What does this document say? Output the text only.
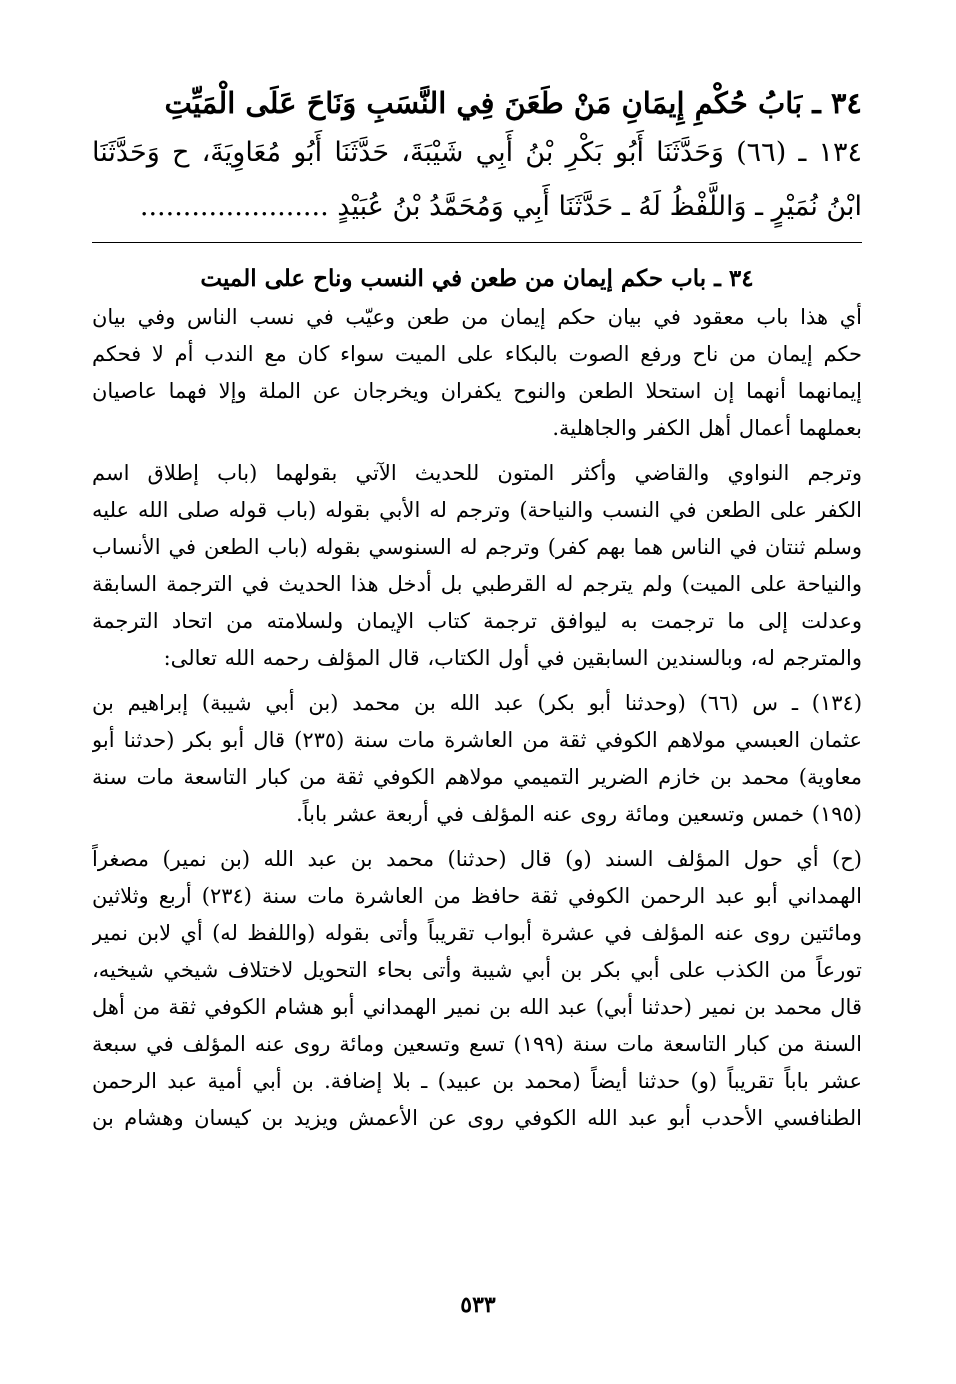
٣٤ ـ بَابُ حُكْمِ إِيمَانِ مَنْ طَعَنَ فِي النَّسَبِ وَنَاحَ عَلَى الْمَيِّتِ
١٣٤ ـ (٦٦) وَحَدَّثَنَا أَبُو بَكْرِ بْنُ أَبِي شَيْبَةَ، حَدَّثَنَا أَبُو مُعَاوِيَةَ، ح وَحَدَّثَنَا
ابْنُ نُمَيْرٍ ـ وَاللَّفْظُ لَهُ ـ حَدَّثَنَا أَبِي وَمُحَمَّدُ بْنُ عُبَيْدٍ ......................
٣٤ ـ باب حكم إيمان من طعن في النسب وناح على الميت
أي هذا باب معقود في بيان حكم إيمان من طعن وعيّب في نسب الناس وفي بيان
حكم إيمان من ناح ورفع الصوت بالبكاء على الميت سواء كان مع الندب أم لا فحكم
إيمانهما أنهما إن استحلا الطعن والنوح يكفران ويخرجان عن الملة وإلا فهما عاصيان
بعملهما أعمال أهل الكفر والجاهلية.
وترجم النواوي والقاضي وأكثر المتون للحديث الآتي بقولهما (باب إطلاق اسم
الكفر على الطعن في النسب والنياحة) وترجم له الأبي بقوله (باب قوله صلى الله عليه
وسلم ثنتان في الناس هما بهم كفر) وترجم له السنوسي بقوله (باب الطعن في الأنساب
والنياحة على الميت) ولم يترجم له القرطبي بل أدخل هذا الحديث في الترجمة السابقة
وعدلت إلى ما ترجمت به ليوافق ترجمة كتاب الإيمان ولسلامته من اتحاد الترجمة
والمترجم له، وبالسندين السابقين في أول الكتاب، قال المؤلف رحمه الله تعالى:
(١٣٤) ـ س (٦٦) (وحدثنا أبو بكر) عبد الله بن محمد (بن أبي شيبة) إبراهيم بن
عثمان العبسي مولاهم الكوفي ثقة من العاشرة مات سنة (٢٣٥) قال أبو بكر (حدثنا أبو
معاوية) محمد بن خازم الضرير التميمي مولاهم الكوفي ثقة من كبار التاسعة مات سنة
(١٩٥) خمس وتسعين ومائة روى عنه المؤلف في أربعة عشر باباً.
(ح) أي حول المؤلف السند (و) قال (حدثنا) محمد بن عبد الله (بن نمير) مصغراً
الهمداني أبو عبد الرحمن الكوفي ثقة حافظ من العاشرة مات سنة (٢٣٤) أربع وثلاثين
ومائتين روى عنه المؤلف في عشرة أبواب تقريباً وأتى بقوله (واللفظ له) أي لابن نمير
تورعاً من الكذب على أبي بكر بن أبي شيبة وأتى بحاء التحويل لاختلاف شيخي شيخيه،
قال محمد بن نمير (حدثنا أبي) عبد الله بن نمير الهمداني أبو هشام الكوفي ثقة من أهل
السنة من كبار التاسعة مات سنة (١٩٩) تسع وتسعين ومائة روى عنه المؤلف في سبعة
عشر باباً تقريباً (و) حدثنا أيضاً (محمد بن عبيد) ـ بلا إضافة. بن أبي أمية عبد الرحمن
الطنافسي الأحدب أبو عبد الله الكوفي روى عن الأعمش ويزيد بن كيسان وهشام بن
٥٣٣
